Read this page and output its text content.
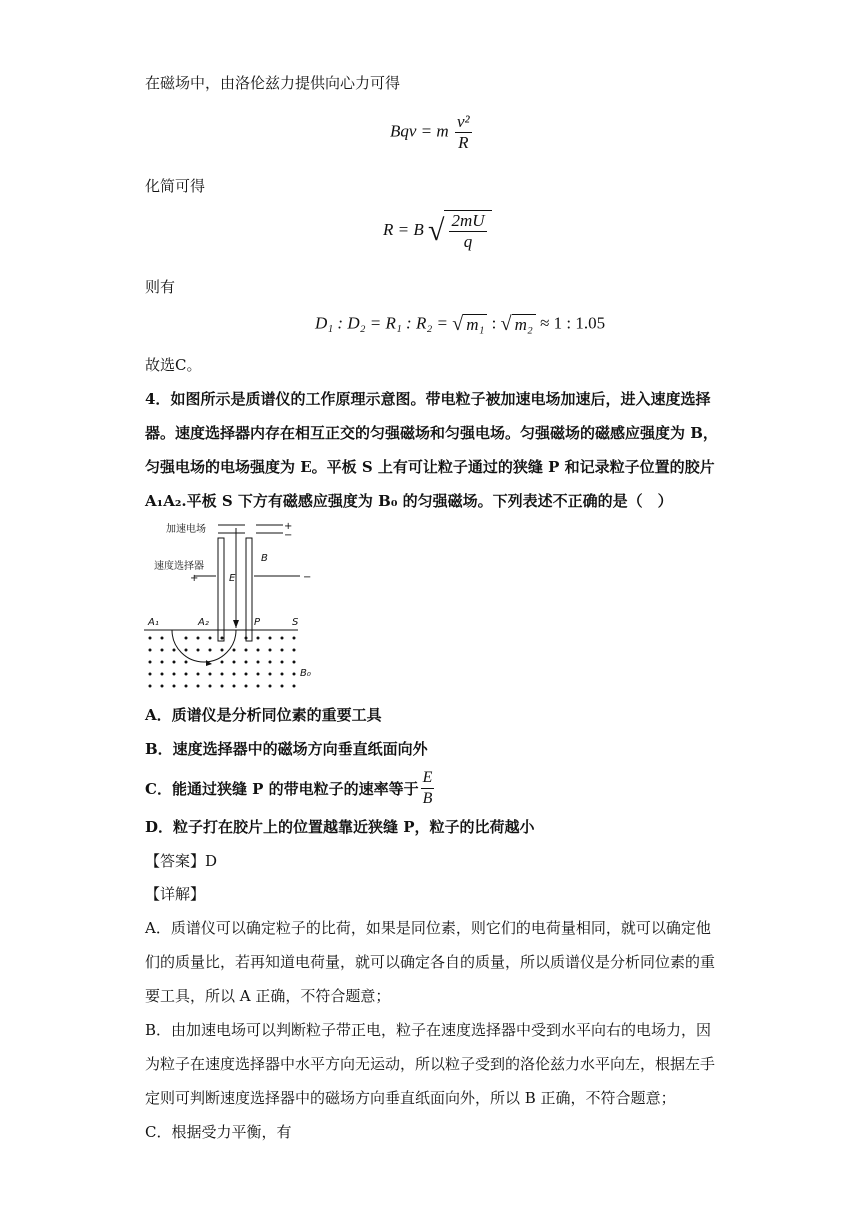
在磁场中，由洛伦兹力提供向心力可得
Bqv = m $\frac{\text{v²}}{R}$
化简可得
R = B √ $\frac{2mU}{q}$
则有
D₁ : D₂ = R₁ : R₂ = √ m₁ : √ m₂ ≈ 1 : 1.05
故选C。
4．如图所示是质谱仪的工作原理示意图。带电粒子被加速电场加速后，进入速度选择
器。速度选择器内存在相互正交的匀强磁场和匀强电场。匀强磁场的磁感应强度为 B，
匀强电场的电场强度为 E。平板 S 上有可让粒子通过的狭缝 P 和记录粒子位置的胶片
A₁A₂.平板 S 下方有磁感应强度为 B₀ 的匀强磁场。下列表述不正确的是（　）
加速电场	+
−
速度选择器
+	E
B
−
A₁	A₂	P	S
B₀
A．质谱仪是分析同位素的重要工具
B．速度选择器中的磁场方向垂直纸面向外
C．能通过狭缝 P 的带电粒子的速率等于 $\frac{E}{B}$
D．粒子打在胶片上的位置越靠近狭缝 P，粒子的比荷越小
【答案】D
【详解】
A．质谱仪可以确定粒子的比荷，如果是同位素，则它们的电荷量相同，就可以确定他
们的质量比，若再知道电荷量，就可以确定各自的质量，所以质谱仪是分析同位素的重
要工具，所以 A 正确，不符合题意；
B．由加速电场可以判断粒子带正电，粒子在速度选择器中受到水平向右的电场力，因
为粒子在速度选择器中水平方向无运动，所以粒子受到的洛伦兹力水平向左，根据左手
定则可判断速度选择器中的磁场方向垂直纸面向外，所以 B 正确，不符合题意；
C．根据受力平衡，有
